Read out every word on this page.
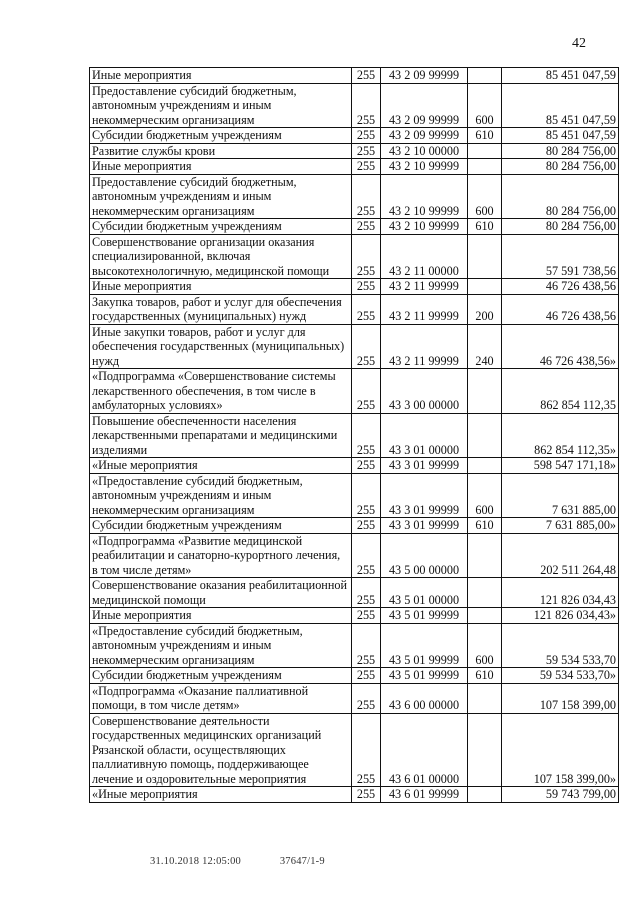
42
Иные мероприятия	255	43 2 09 99999		85 451 047,59
Предоставление субсидий бюджетным, автономным учреждениям и иным некоммерческим организациям	255	43 2 09 99999	600	85 451 047,59
Субсидии бюджетным учреждениям	255	43 2 09 99999	610	85 451 047,59
Развитие службы крови	255	43 2 10 00000		80 284 756,00
Иные мероприятия	255	43 2 10 99999		80 284 756,00
Предоставление субсидий бюджетным, автономным учреждениям и иным некоммерческим организациям	255	43 2 10 99999	600	80 284 756,00
Субсидии бюджетным учреждениям	255	43 2 10 99999	610	80 284 756,00
Совершенствование организации оказания специализированной, включая высокотехнологичную, медицинской помощи	255	43 2 11 00000		57 591 738,56
Иные мероприятия	255	43 2 11 99999		46 726 438,56
Закупка товаров, работ и услуг для обеспечения государственных (муниципальных) нужд	255	43 2 11 99999	200	46 726 438,56
Иные закупки товаров, работ и услуг для обеспечения государственных (муниципальных) нужд	255	43 2 11 99999	240	46 726 438,56»
«Подпрограмма «Совершенствование системы лекарственного обеспечения, в том числе в амбулаторных условиях»	255	43 3 00 00000		862 854 112,35
Повышение обеспеченности населения лекарственными препаратами и медицинскими изделиями	255	43 3 01 00000		862 854 112,35»
«Иные мероприятия	255	43 3 01 99999		598 547 171,18»
«Предоставление субсидий бюджетным, автономным учреждениям и иным некоммерческим организациям	255	43 3 01 99999	600	7 631 885,00
Субсидии бюджетным учреждениям	255	43 3 01 99999	610	7 631 885,00»
«Подпрограмма «Развитие медицинской реабилитации и санаторно-курортного лечения, в том числе детям»	255	43 5 00 00000		202 511 264,48
Совершенствование оказания реабилитационной медицинской помощи	255	43 5 01 00000		121 826 034,43
Иные мероприятия	255	43 5 01 99999		121 826 034,43»
«Предоставление субсидий бюджетным, автономным учреждениям и иным некоммерческим организациям	255	43 5 01 99999	600	59 534 533,70
Субсидии бюджетным учреждениям	255	43 5 01 99999	610	59 534 533,70»
«Подпрограмма «Оказание паллиативной помощи, в том числе детям»	255	43 6 00 00000		107 158 399,00
Совершенствование деятельности государственных медицинских организаций Рязанской области, осуществляющих паллиативную помощь, поддерживающее лечение и оздоровительные мероприятия	255	43 6 01 00000		107 158 399,00»
«Иные мероприятия	255	43 6 01 99999		59 743 799,00
31.10.2018 12:05:00	37647/1-9
